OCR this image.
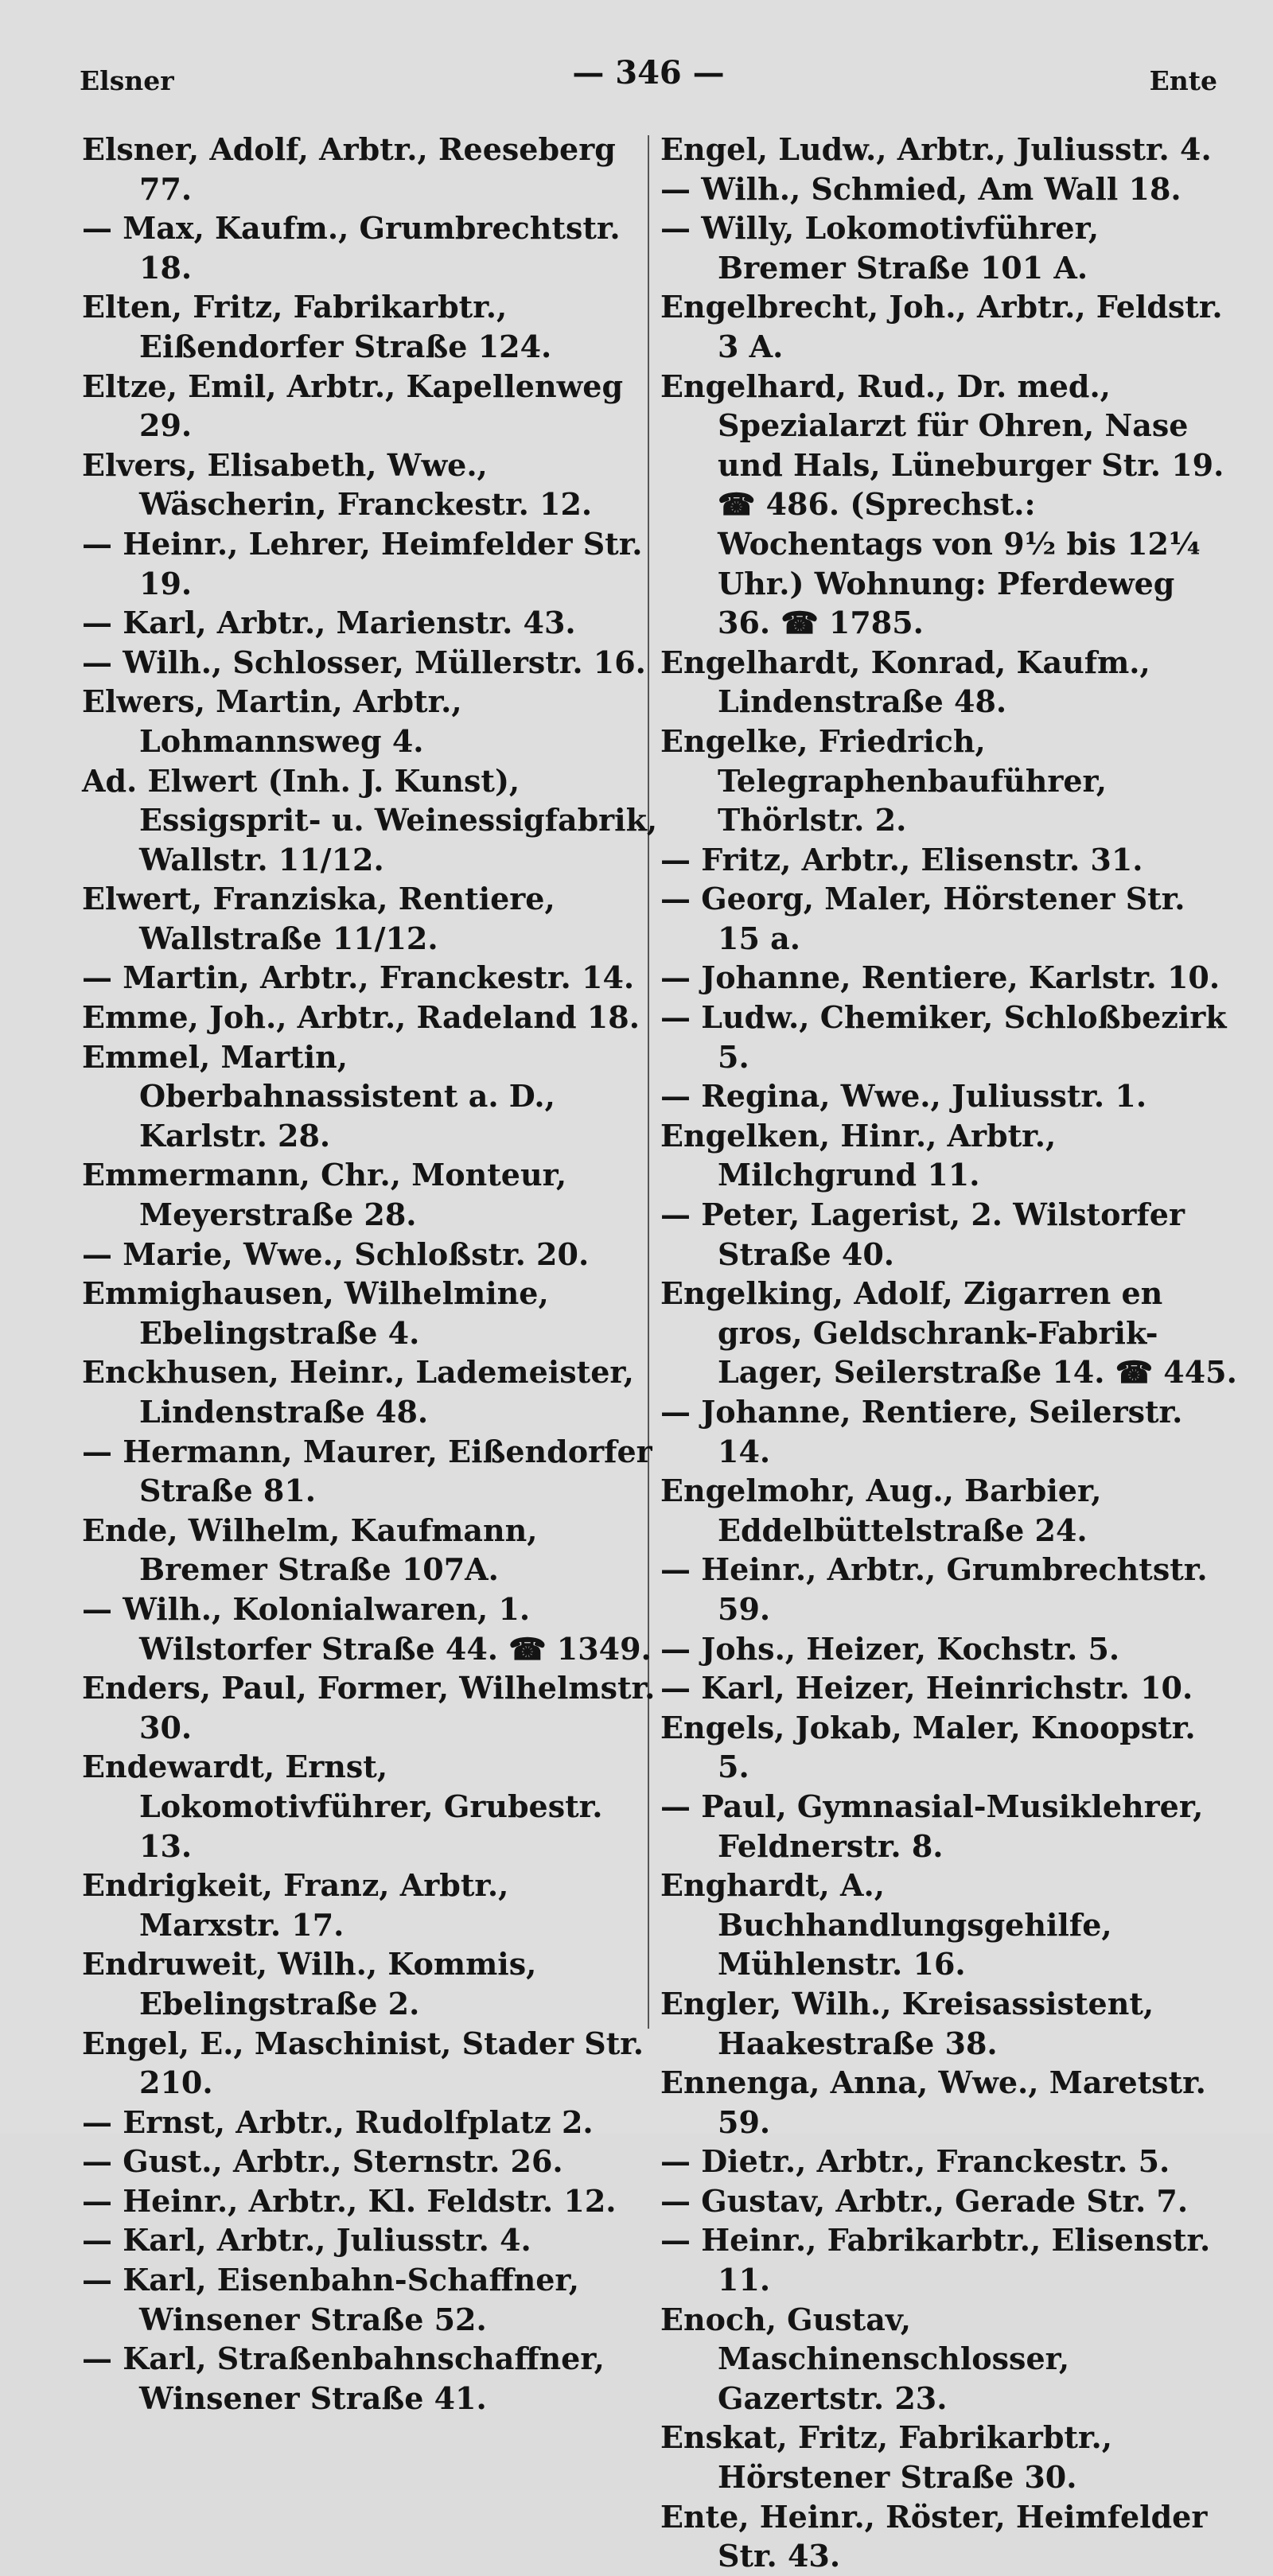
Elsner	— 346 —	Ente

Elsner, Adolf, Arbtr., Reeseberg 77.

— Max, Kaufm., Grumbrechtstr. 18.

Elten, Fritz, Fabrikarbtr., Eißendorfer Straße 124.

Eltze, Emil, Arbtr., Kapellenweg 29.

Elvers, Elisabeth, Wwe., Wäscherin, Franckestr. 12.

— Heinr., Lehrer, Heimfelder Str. 19.

— Karl, Arbtr., Marienstr. 43.

— Wilh., Schlosser, Müllerstr. 16.

Elwers, Martin, Arbtr., Lohmannsweg 4.

Ad. Elwert (Inh. J. Kunst), Essigsprit- u. Weinessigfabrik, Wallstr. 11/12.

Elwert, Franziska, Rentiere, Wallstraße 11/12.

— Martin, Arbtr., Franckestr. 14.

Emme, Joh., Arbtr., Radeland 18.

Emmel, Martin, Oberbahnassistent a. D., Karlstr. 28.

Emmermann, Chr., Monteur, Meyerstraße 28.

— Marie, Wwe., Schloßstr. 20.

Emmighausen, Wilhelmine, Ebelingstraße 4.

Enckhusen, Heinr., Lademeister, Lindenstraße 48.

— Hermann, Maurer, Eißendorfer Straße 81.

Ende, Wilhelm, Kaufmann, Bremer Straße 107A.

— Wilh., Kolonialwaren, 1. Wilstorfer Straße 44. ☎ 1349.

Enders, Paul, Former, Wilhelmstr. 30.

Endewardt, Ernst, Lokomotivführer, Grubestr. 13.

Endrigkeit, Franz, Arbtr., Marxstr. 17.

Endruweit, Wilh., Kommis, Ebelingstraße 2.

Engel, E., Maschinist, Stader Str. 210.

— Ernst, Arbtr., Rudolfplatz 2.

— Gust., Arbtr., Sternstr. 26.

— Heinr., Arbtr., Kl. Feldstr. 12.

— Karl, Arbtr., Juliusstr. 4.

— Karl, Eisenbahn-Schaffner, Winsener Straße 52.

— Karl, Straßenbahnschaffner, Winsener Straße 41.

Engel, Ludw., Arbtr., Juliusstr. 4.

— Wilh., Schmied, Am Wall 18.

— Willy, Lokomotivführer, Bremer Straße 101 A.

Engelbrecht, Joh., Arbtr., Feldstr. 3 A.

Engelhard, Rud., Dr. med., Spezialarzt für Ohren, Nase und Hals, Lüneburger Str. 19. ☎ 486. (Sprechst.: Wochentags von 9½ bis 12¼ Uhr.) Wohnung: Pferdeweg 36. ☎ 1785.

Engelhardt, Konrad, Kaufm., Lindenstraße 48.

Engelke, Friedrich, Telegraphenbauführer, Thörlstr. 2.

— Fritz, Arbtr., Elisenstr. 31.

— Georg, Maler, Hörstener Str. 15 a.

— Johanne, Rentiere, Karlstr. 10.

— Ludw., Chemiker, Schloßbezirk 5.

— Regina, Wwe., Juliusstr. 1.

Engelken, Hinr., Arbtr., Milchgrund 11.

— Peter, Lagerist, 2. Wilstorfer Straße 40.

Engelking, Adolf, Zigarren en gros, Geldschrank-Fabrik-Lager, Seilerstraße 14. ☎ 445.

— Johanne, Rentiere, Seilerstr. 14.

Engelmohr, Aug., Barbier, Eddelbüttelstraße 24.

— Heinr., Arbtr., Grumbrechtstr. 59.

— Johs., Heizer, Kochstr. 5.

— Karl, Heizer, Heinrichstr. 10.

Engels, Jokab, Maler, Knoopstr. 5.

— Paul, Gymnasial-Musiklehrer, Feldnerstr. 8.

Enghardt, A., Buchhandlungsgehilfe, Mühlenstr. 16.

Engler, Wilh., Kreisassistent, Haakestraße 38.

Ennenga, Anna, Wwe., Maretstr. 59.

— Dietr., Arbtr., Franckestr. 5.

— Gustav, Arbtr., Gerade Str. 7.

— Heinr., Fabrikarbtr., Elisenstr. 11.

Enoch, Gustav, Maschinenschlosser, Gazertstr. 23.

Enskat, Fritz, Fabrikarbtr., Hörstener Straße 30.

Ente, Heinr., Röster, Heimfelder Str. 43.
